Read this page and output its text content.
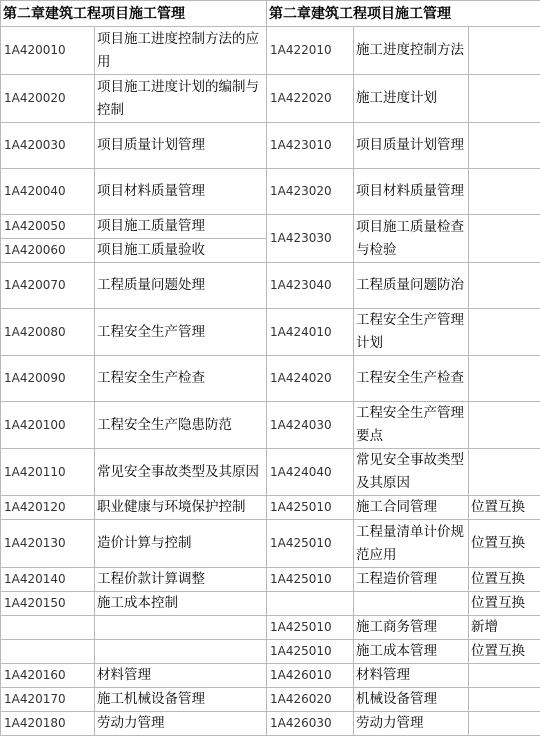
第二章建筑工程项目施工管理		第二章建筑工程项目施工管理		
1A420010	项目施工进度控制方法的应用	1A422010	施工进度控制方法	
1A420020	项目施工进度计划的编制与控制	1A422020	施工进度计划	
1A420030	项目质量计划管理	1A423010	项目质量计划管理	
1A420040	项目材料质量管理	1A423020	项目材料质量管理	
1A420050	项目施工质量管理	1A423030	项目施工质量检查与检验	
1A420060	项目施工质量验收			
1A420070	工程质量问题处理	1A423040	工程质量问题防治	
1A420080	工程安全生产管理	1A424010	工程安全生产管理计划	
1A420090	工程安全生产检查	1A424020	工程安全生产检查	
1A420100	工程安全生产隐患防范	1A424030	工程安全生产管理要点	
1A420110	常见安全事故类型及其原因	1A424040	常见安全事故类型及其原因	
1A420120	职业健康与环境保护控制	1A425010	施工合同管理	位置互换
1A420130	造价计算与控制	1A425010	工程量清单计价规范应用	位置互换
1A420140	工程价款计算调整	1A425010	工程造价管理	位置互换
1A420150	施工成本控制			位置互换
		1A425010	施工商务管理	新增
		1A425010	施工成本管理	位置互换
1A420160	材料管理	1A426010	材料管理	
1A420170	施工机械设备管理	1A426020	机械设备管理	
1A420180	劳动力管理	1A426030	劳动力管理	
